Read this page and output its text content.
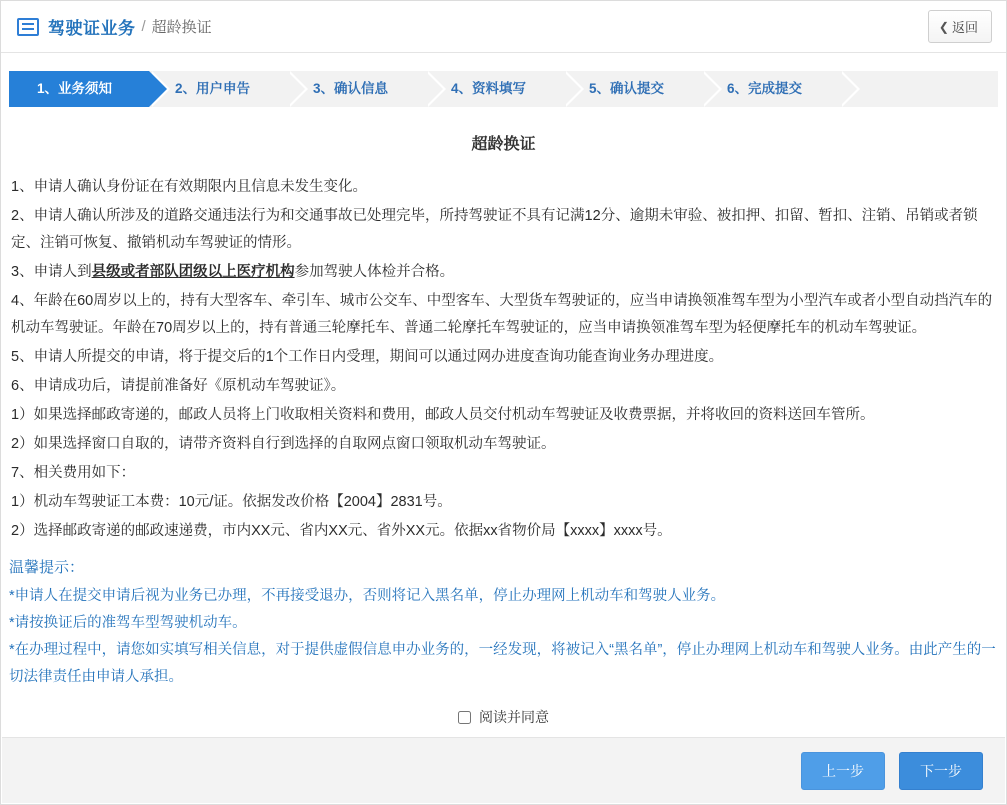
驾驶证业务 / 超龄换证	❮ 返回
1、业务须知	2、用户申告	3、确认信息	4、资料填写	5、确认提交	6、完成提交
超龄换证

1、申请人确认身份证在有效期限内且信息未发生变化。

2、申请人确认所涉及的道路交通违法行为和交通事故已处理完毕，所持驾驶证不具有记满12分、逾期未审验、被扣押、扣留、暂扣、注销、吊销或者锁定、注销可恢复、撤销机动车驾驶证的情形。

3、申请人到县级或者部队团级以上医疗机构参加驾驶人体检并合格。

4、年龄在60周岁以上的，持有大型客车、牵引车、城市公交车、中型客车、大型货车驾驶证的，应当申请换领准驾车型为小型汽车或者小型自动挡汽车的机动车驾驶证。年龄在70周岁以上的，持有普通三轮摩托车、普通二轮摩托车驾驶证的，应当申请换领准驾车型为轻便摩托车的机动车驾驶证。

5、申请人所提交的申请，将于提交后的1个工作日内受理，期间可以通过网办进度查询功能查询业务办理进度。

6、申请成功后，请提前准备好《原机动车驾驶证》。

1）如果选择邮政寄递的，邮政人员将上门收取相关资料和费用，邮政人员交付机动车驾驶证及收费票据，并将收回的资料送回车管所。

2）如果选择窗口自取的，请带齐资料自行到选择的自取网点窗口领取机动车驾驶证。

7、相关费用如下：

1）机动车驾驶证工本费：10元/证。依据发改价格【2004】2831号。

2）选择邮政寄递的邮政速递费，市内XX元、省内XX元、省外XX元。依据xx省物价局【xxxx】xxxx号。

温馨提示：
*申请人在提交申请后视为业务已办理，不再接受退办，否则将记入黑名单，停止办理网上机动车和驾驶人业务。
*请按换证后的准驾车型驾驶机动车。
*在办理过程中，请您如实填写相关信息，对于提供虚假信息申办业务的，一经发现，将被记入“黑名单”，停止办理网上机动车和驾驶人业务。由此产生的一切法律责任由申请人承担。
阅读并同意
上一步	下一步
